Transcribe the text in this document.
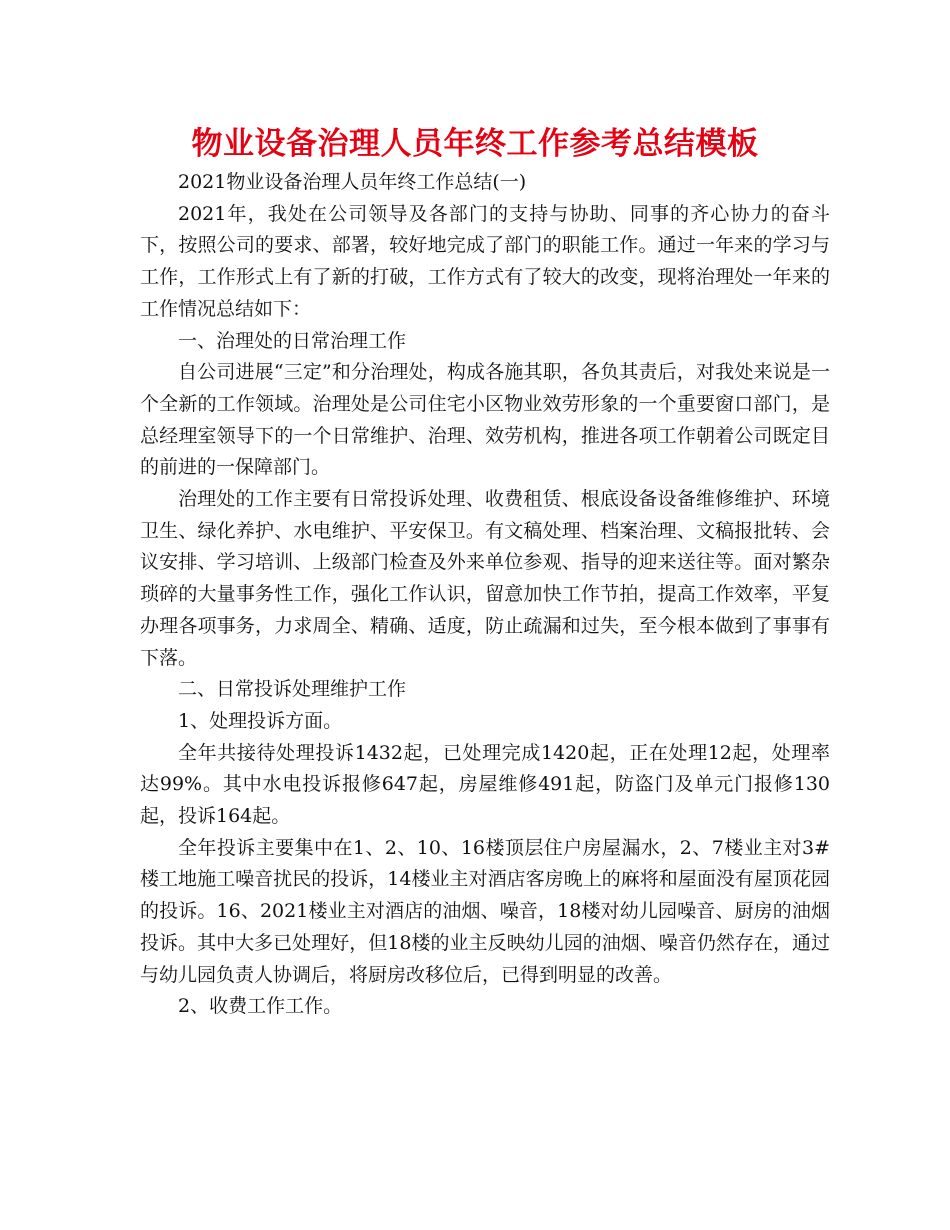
物业设备治理人员年终工作参考总结模板

2021物业设备治理人员年终工作总结(一)

2021年，我处在公司领导及各部门的支持与协助、同事的齐心协力的奋斗下，按照公司的要求、部署，较好地完成了部门的职能工作。通过一年来的学习与工作，工作形式上有了新的打破，工作方式有了较大的改变，现将治理处一年来的工作情况总结如下：

一、治理处的日常治理工作

自公司进展“三定”和分治理处，构成各施其职，各负其责后，对我处来说是一个全新的工作领域。治理处是公司住宅小区物业效劳形象的一个重要窗口部门，是总经理室领导下的一个日常维护、治理、效劳机构，推进各项工作朝着公司既定目的前进的一保障部门。

治理处的工作主要有日常投诉处理、收费租赁、根底设备设备维修维护、环境卫生、绿化养护、水电维护、平安保卫。有文稿处理、档案治理、文稿报批转、会议安排、学习培训、上级部门检查及外来单位参观、指导的迎来送往等。面对繁杂琐碎的大量事务性工作，强化工作认识，留意加快工作节拍，提高工作效率，平复办理各项事务，力求周全、精确、适度，防止疏漏和过失，至今根本做到了事事有下落。

二、日常投诉处理维护工作

1、处理投诉方面。

全年共接待处理投诉1432起，已处理完成1420起，正在处理12起，处理率达99%。其中水电投诉报修647起，房屋维修491起，防盗门及单元门报修130起，投诉164起。

全年投诉主要集中在1、2、10、16楼顶层住户房屋漏水，2、7楼业主对3#楼工地施工噪音扰民的投诉，14楼业主对酒店客房晚上的麻将和屋面没有屋顶花园的投诉。16、2021楼业主对酒店的油烟、噪音，18楼对幼儿园噪音、厨房的油烟投诉。其中大多已处理好，但18楼的业主反映幼儿园的油烟、噪音仍然存在，通过与幼儿园负责人协调后，将厨房改移位后，已得到明显的改善。

2、收费工作工作。
